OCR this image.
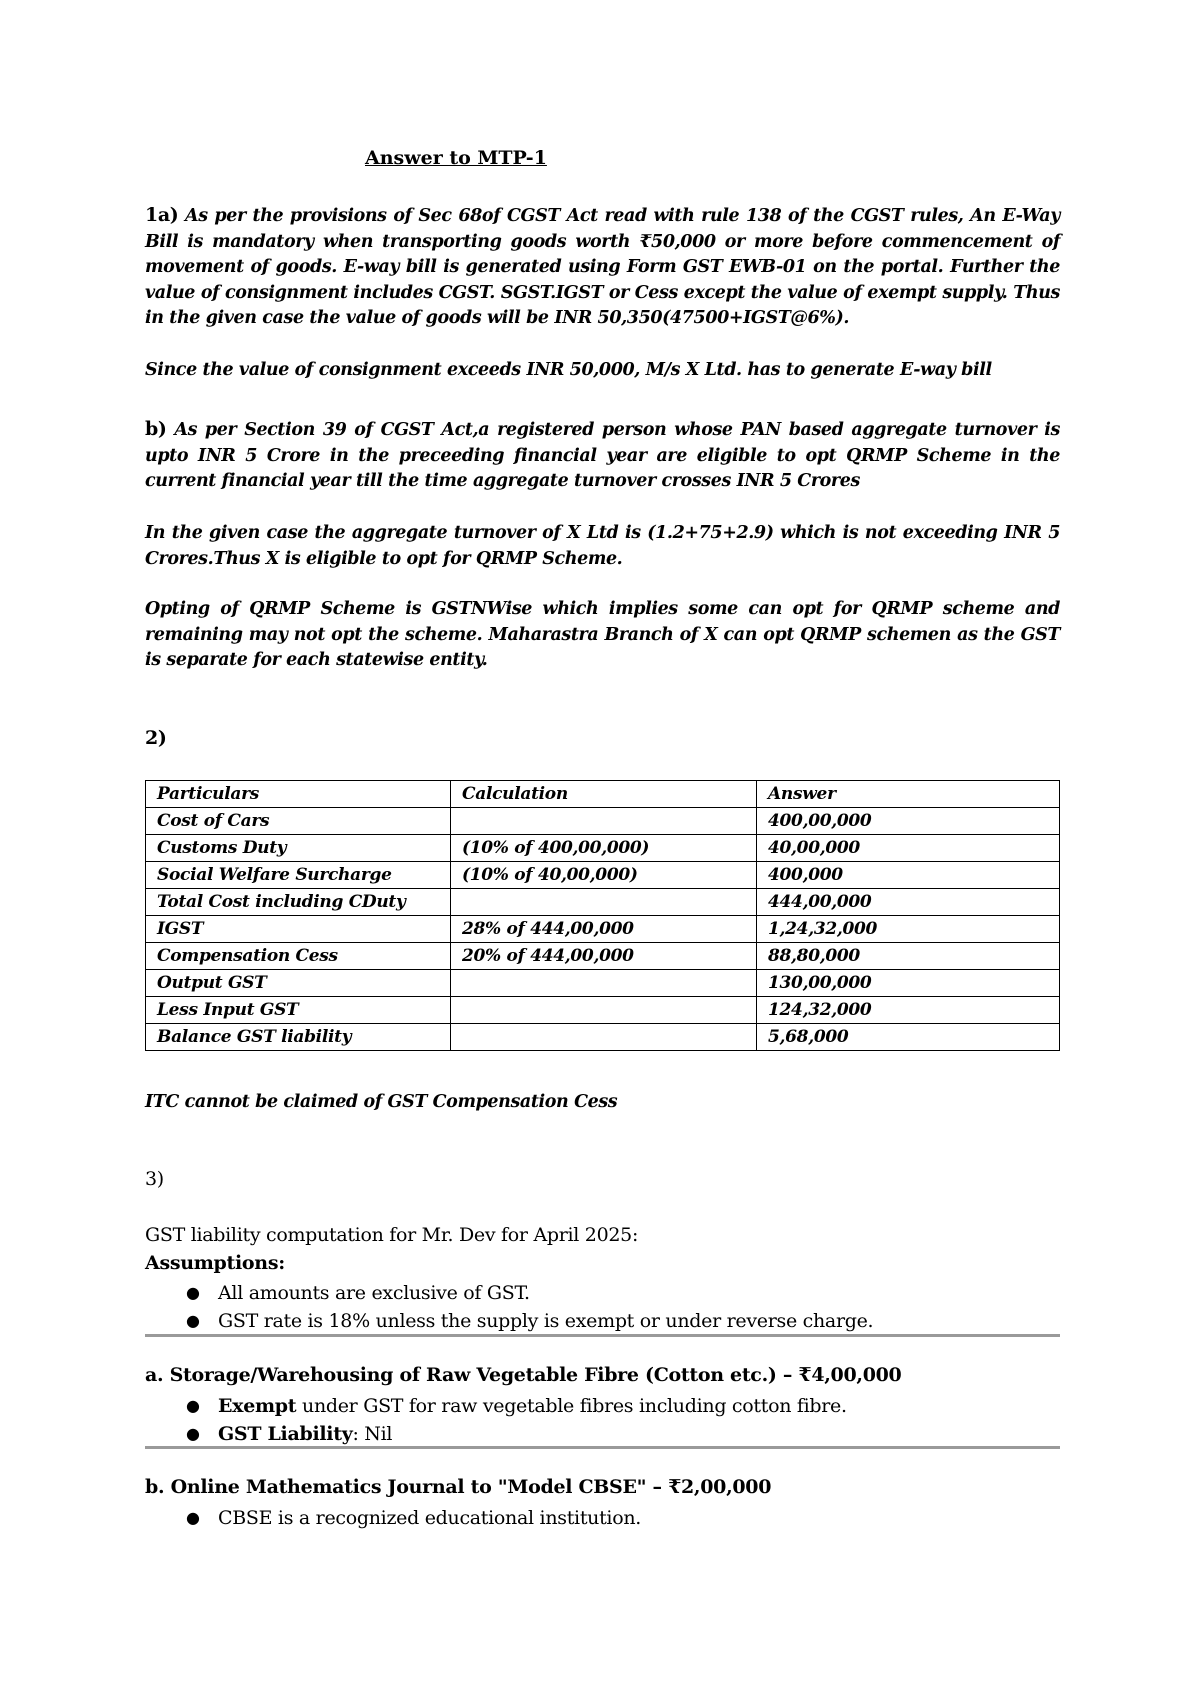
Answer to MTP-1
1a) As per the provisions of Sec 68of CGST Act read with rule 138 of the CGST rules, An E-Way Bill is mandatory when transporting goods worth ₹50,000 or more before commencement of movement of goods. E-way bill is generated using Form GST EWB-01 on the portal. Further the value of consignment includes CGST. SGST.IGST or Cess except the value of exempt supply. Thus in the given case the value of goods will be INR 50,350(47500+IGST@6%).
Since the value of consignment exceeds INR 50,000, M/s X Ltd. has to generate E-way bill
b) As per Section 39 of CGST Act,a registered person whose PAN based aggregate turnover is upto INR 5 Crore in the preceeding financial year are eligible to opt QRMP Scheme in the current financial year till the time aggregate turnover crosses INR 5 Crores
In the given case the aggregate turnover of X Ltd is (1.2+75+2.9) which is not exceeding INR 5 Crores.Thus X is eligible to opt for QRMP Scheme.
Opting of QRMP Scheme is GSTNWise which implies some can opt for QRMP scheme and remaining may not opt the scheme. Maharastra Branch of X can opt QRMP schemen as the GST is separate for each statewise entity.
2)
Particulars	Calculation	Answer
Cost of Cars		400,00,000
Customs Duty	(10% of 400,00,000)	40,00,000
Social Welfare Surcharge	(10% of 40,00,000)	400,000
Total Cost including CDuty		444,00,000
IGST	28% of 444,00,000	1,24,32,000
Compensation Cess	20% of 444,00,000	88,80,000
Output GST		130,00,000
Less Input GST		124,32,000
Balance GST liability		5,68,000
ITC cannot be claimed of GST Compensation Cess
3)
GST liability computation for Mr. Dev for April 2025:
Assumptions:
● All amounts are exclusive of GST.
● GST rate is 18% unless the supply is exempt or under reverse charge.
a. Storage/Warehousing of Raw Vegetable Fibre (Cotton etc.) – ₹4,00,000
● Exempt under GST for raw vegetable fibres including cotton fibre.
● GST Liability: Nil
b. Online Mathematics Journal to "Model CBSE" – ₹2,00,000
● CBSE is a recognized educational institution.
